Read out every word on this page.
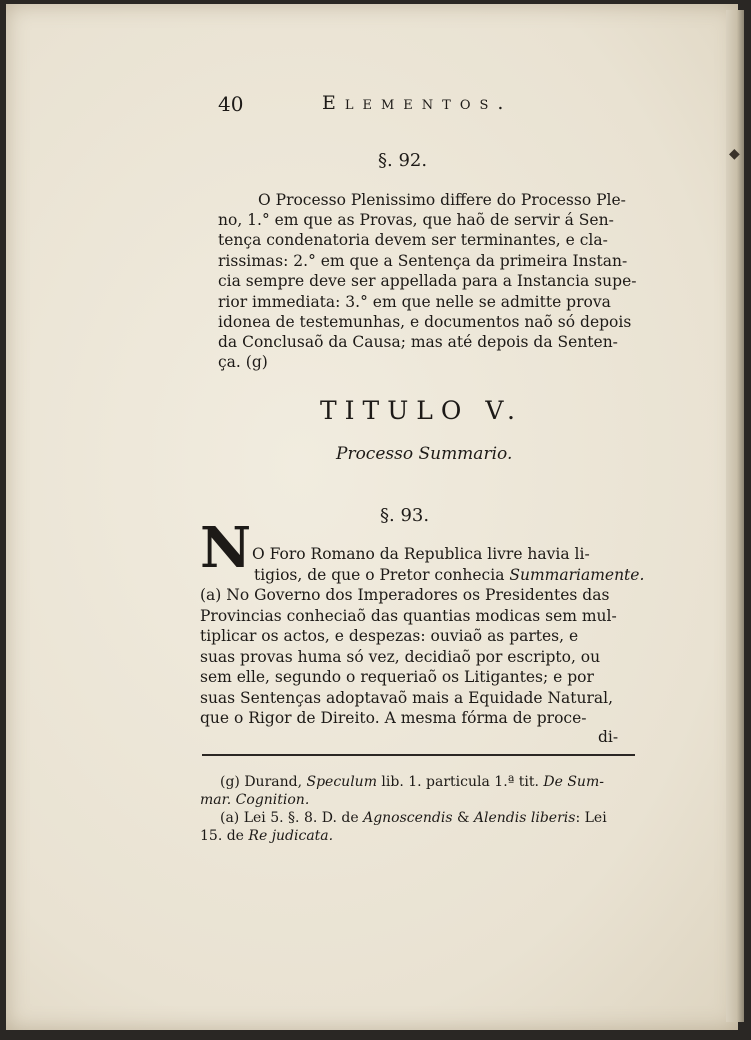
◆
40	Elementos.
§. 92.
O Processo Plenissimo differe do Processo Ple-
no, 1.° em que as Provas, que haõ de servir á Sen-
tença condenatoria devem ser terminantes, e cla-
rissimas: 2.° em que a Sentença da primeira Instan-
cia sempre deve ser appellada para a Instancia supe-
rior immediata: 3.° em que nelle se admitte prova
idonea de testemunhas, e documentos naõ só depois
da Conclusaõ da Causa; mas até depois da Senten-
ça. (g)
TITULO V.
Processo Summario.
§. 93.
N O Foro Romano da Republica livre havia li-
tigios, de que o Pretor conhecia Summariamente.
(a) No Governo dos Imperadores os Presidentes das
Provincias conheciaõ das quantias modicas sem mul-
tiplicar os actos, e despezas: ouviaõ as partes, e
suas provas huma só vez, decidiaõ por escripto, ou
sem elle, segundo o requeriaõ os Litigantes; e por
suas Sentenças adoptavaõ mais a Equidade Natural,
que o Rigor de Direito. A mesma fórma de proce-
di-
(g) Durand, Speculum lib. 1. particula 1.ª tit. De Sum-
mar. Cognition.
(a) Lei 5. §. 8. D. de Agnoscendis & Alendis liberis: Lei
15. de Re judicata.
